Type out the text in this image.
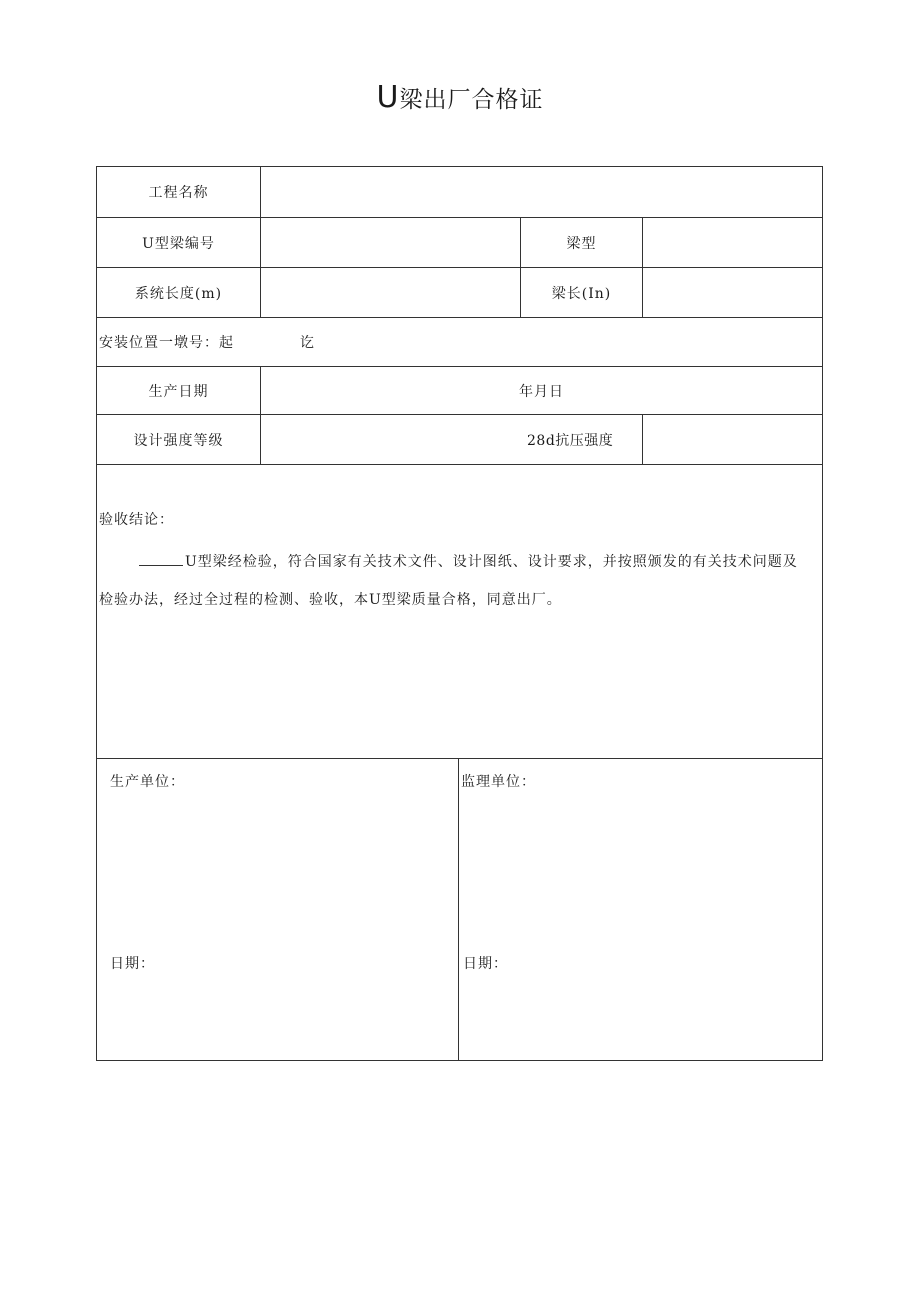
U梁出厂合格证
工程名称
U型梁编号	梁型
系统长度(m)	梁长(In)
安装位置一墩号：起	讫
生产日期	年月日
设计强度等级	28d抗压强度
验收结论：
U型梁经检验，符合国家有关技术文件、设计图纸、设计要求，并按照颁发的有关技术问题及检验办法，经过全过程的检测、验收，本U型梁质量合格，同意出厂。
生产单位：
日期：
监理单位：
日期：
